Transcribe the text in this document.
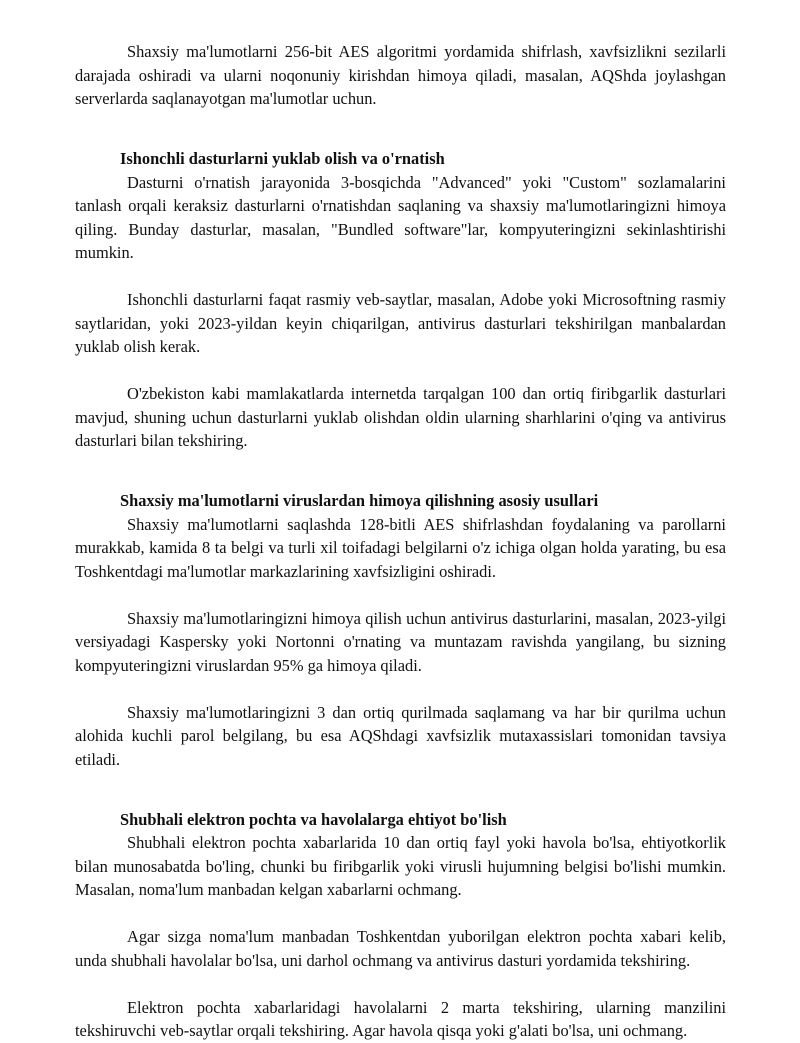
Shaxsiy ma'lumotlarni 256-bit AES algoritmi yordamida shifrlash, xavfsizlikni sezilarli darajada oshiradi va ularni noqonuniy kirishdan himoya qiladi, masalan, AQShda joylashgan serverlarda saqlanayotgan ma'lumotlar uchun.

Ishonchli dasturlarni yuklab olish va o'rnatish

Dasturni o'rnatish jarayonida 3-bosqichda "Advanced" yoki "Custom" sozlamalarini tanlash orqali keraksiz dasturlarni o'rnatishdan saqlaning va shaxsiy ma'lumotlaringizni himoya qiling. Bunday dasturlar, masalan, "Bundled software"lar, kompyuteringizni sekinlashtirishi mumkin.

Ishonchli dasturlarni faqat rasmiy veb-saytlar, masalan, Adobe yoki Microsoftning rasmiy saytlaridan, yoki 2023-yildan keyin chiqarilgan, antivirus dasturlari tekshirilgan manbalardan yuklab olish kerak.

O'zbekiston kabi mamlakatlarda internetda tarqalgan 100 dan ortiq firibgarlik dasturlari mavjud, shuning uchun dasturlarni yuklab olishdan oldin ularning sharhlarini o'qing va antivirus dasturlari bilan tekshiring.

Shaxsiy ma'lumotlarni viruslardan himoya qilishning asosiy usullari

Shaxsiy ma'lumotlarni saqlashda 128-bitli AES shifrlashdan foydalaning va parollarni murakkab, kamida 8 ta belgi va turli xil toifadagi belgilarni o'z ichiga olgan holda yarating, bu esa Toshkentdagi ma'lumotlar markazlarining xavfsizligini oshiradi.

Shaxsiy ma'lumotlaringizni himoya qilish uchun antivirus dasturlarini, masalan, 2023-yilgi versiyadagi Kaspersky yoki Nortonni o'rnating va muntazam ravishda yangilang, bu sizning kompyuteringizni viruslardan 95% ga himoya qiladi.

Shaxsiy ma'lumotlaringizni 3 dan ortiq qurilmada saqlamang va har bir qurilma uchun alohida kuchli parol belgilang, bu esa AQShdagi xavfsizlik mutaxassislari tomonidan tavsiya etiladi.

Shubhali elektron pochta va havolalarga ehtiyot bo'lish

Shubhali elektron pochta xabarlarida 10 dan ortiq fayl yoki havola bo'lsa, ehtiyotkorlik bilan munosabatda bo'ling, chunki bu firibgarlik yoki virusli hujumning belgisi bo'lishi mumkin. Masalan, noma'lum manbadan kelgan xabarlarni ochmang.

Agar sizga noma'lum manbadan Toshkentdan yuborilgan elektron pochta xabari kelib, unda shubhali havolalar bo'lsa, uni darhol ochmang va antivirus dasturi yordamida tekshiring.

Elektron pochta xabarlaridagi havolalarni 2 marta tekshiring, ularning manzilini tekshiruvchi veb-saytlar orqali tekshiring. Agar havola qisqa yoki g'alati bo'lsa, uni ochmang.
